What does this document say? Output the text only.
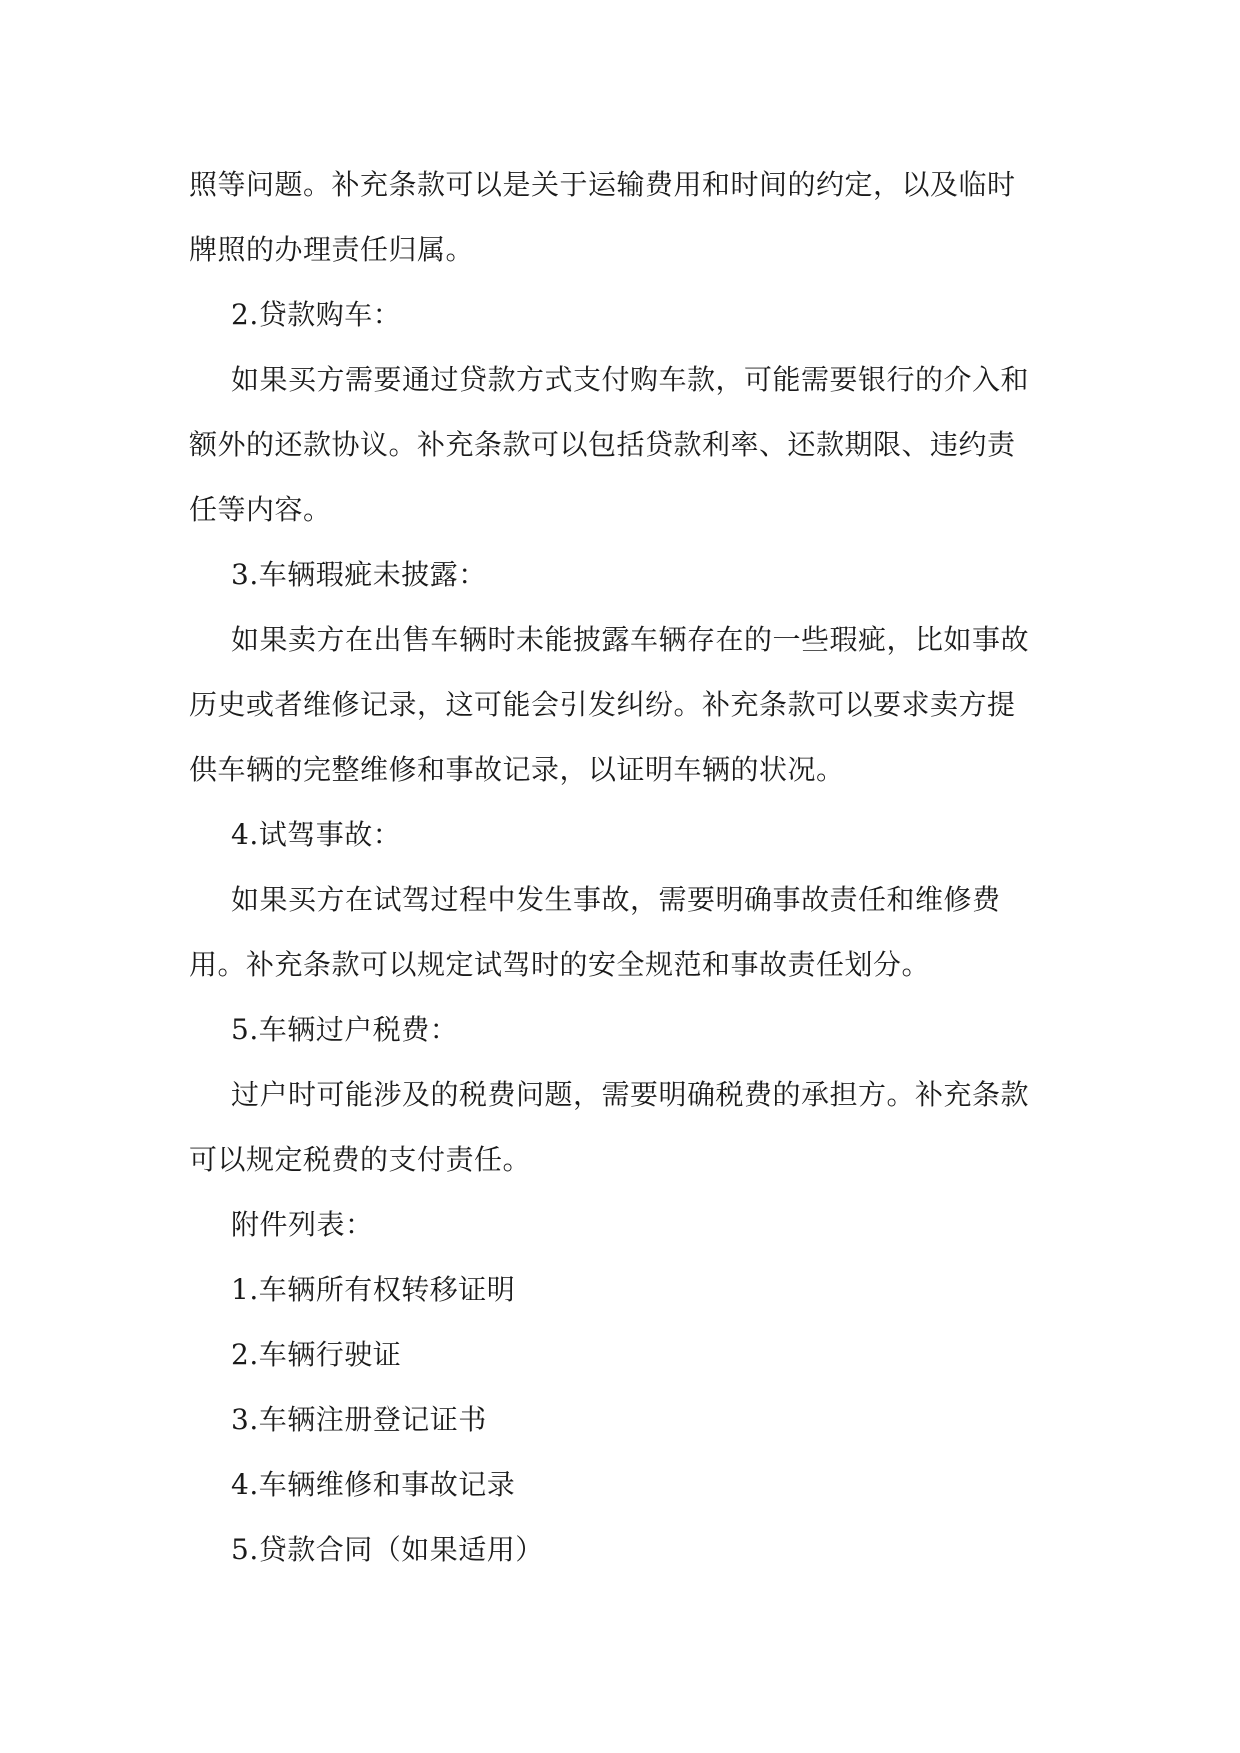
照等问题。补充条款可以是关于运输费用和时间的约定，以及临时
牌照的办理责任归属。

2.贷款购车：

如果买方需要通过贷款方式支付购车款，可能需要银行的介入和
额外的还款协议。补充条款可以包括贷款利率、还款期限、违约责
任等内容。

3.车辆瑕疵未披露：

如果卖方在出售车辆时未能披露车辆存在的一些瑕疵，比如事故
历史或者维修记录，这可能会引发纠纷。补充条款可以要求卖方提
供车辆的完整维修和事故记录，以证明车辆的状况。

4.试驾事故：

如果买方在试驾过程中发生事故，需要明确事故责任和维修费
用。补充条款可以规定试驾时的安全规范和事故责任划分。

5.车辆过户税费：

过户时可能涉及的税费问题，需要明确税费的承担方。补充条款
可以规定税费的支付责任。

附件列表：

1.车辆所有权转移证明

2.车辆行驶证

3.车辆注册登记证书

4.车辆维修和事故记录

5.贷款合同（如果适用）
